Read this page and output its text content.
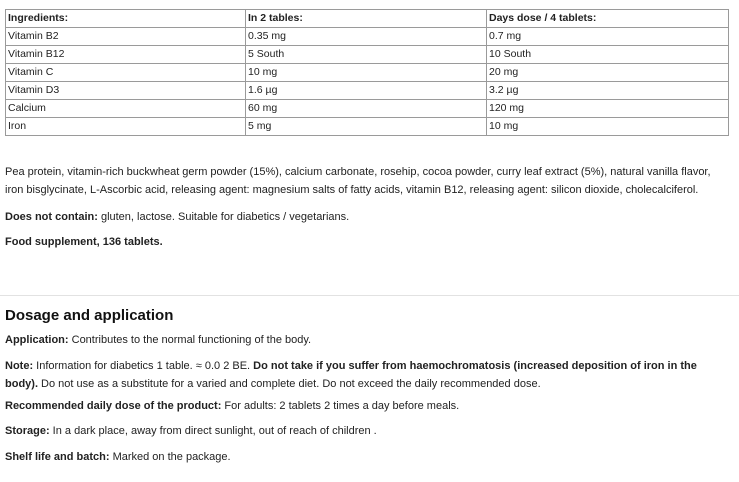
Ingredients:	In 2 tables:	Days dose / 4 tablets:
Vitamin B2	0.35 mg	0.7 mg
Vitamin B12	5 South	10 South
Vitamin C	10 mg	20 mg
Vitamin D3	1.6 µg	3.2 µg
Calcium	60 mg	120 mg
Iron	5 mg	10 mg

Pea protein, vitamin-rich buckwheat germ powder (15%), calcium carbonate, rosehip, cocoa powder, curry leaf extract (5%), natural vanilla flavor, iron bisglycinate, L-Ascorbic acid, releasing agent: magnesium salts of fatty acids, vitamin B12, releasing agent: silicon dioxide, cholecalciferol.

Does not contain: gluten, lactose. Suitable for diabetics / vegetarians.

Food supplement, 136 tablets.

Dosage and application

Application: Contributes to the normal functioning of the body.

Note: Information for diabetics 1 table. ≈ 0.0 2 BE. Do not take if you suffer from haemochromatosis (increased deposition of iron in the body). Do not use as a substitute for a varied and complete diet. Do not exceed the daily recommended dose.

Recommended daily dose of the product: For adults: 2 tablets 2 times a day before meals.

Storage: In a dark place, away from direct sunlight, out of reach of children .

Shelf life and batch: Marked on the package.
